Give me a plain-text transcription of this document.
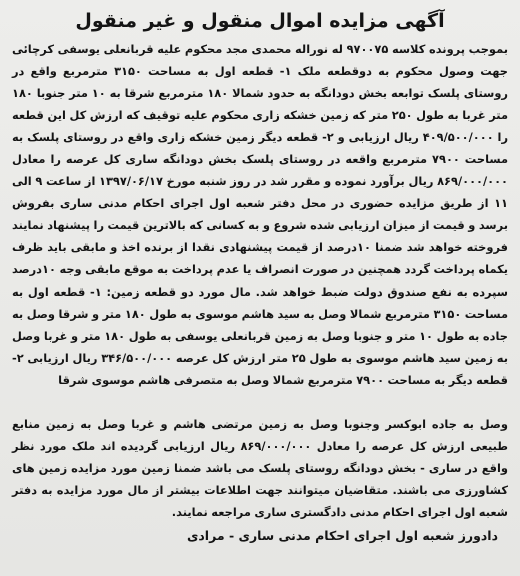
آگهی مزایده اموال منقول و غیر منقول

بموجب پرونده کلاسه ۹۷۰۰۷۵ له نوراله محمدی مجد محکوم علیه قربانعلی یوسفی کرچائی جهت وصول محکوم به دوقطعه ملک ۱- قطعه اول به مساحت ۳۱۵۰ مترمربع واقع در روستای پلسک توابعه بخش دودانگه به حدود شمالا ۱۸۰ مترمربع شرقا به ۱۰ متر جنوبا ۱۸۰ متر غربا به طول ۲۵۰ متر که زمین خشکه زاری محکوم علیه توقیف که ارزش کل این قطعه را ۴۰۹/۵۰۰/۰۰۰ ریال ارزیابی و ۲- قطعه دیگر زمین خشکه زاری واقع در روستای پلسک به مساحت ۷۹۰۰ مترمربع واقعه در روستای پلسک بخش دودانگه ساری کل عرصه را معادل ۸۶۹/۰۰۰/۰۰۰ ریال برآورد نموده و مقرر شد در روز شنبه مورخ ۱۳۹۷/۰۶/۱۷ از ساعت ۹ الی ۱۱ از طریق مزایده حضوری در محل دفتر شعبه اول اجرای احکام مدنی ساری بفروش برسد و قیمت از میزان ارزیابی شده شروع و به کسانی که بالاترین قیمت را پیشنهاد نمایند فروخته خواهد شد ضمنا ۱۰درصد از قیمت پیشنهادی نقدا از برنده اخذ و مابقی باید ظرف یکماه پرداخت گردد همچنین در صورت انصراف یا عدم پرداخت به موقع مابقی وجه ۱۰درصد سپرده به نفع صندوق دولت ضبط خواهد شد. مال مورد دو قطعه زمین: ۱- قطعه اول به مساحت ۳۱۵۰ مترمربع شمالا وصل به سید هاشم موسوی به طول ۱۸۰ متر و شرقا وصل به جاده به طول ۱۰ متر و جنوبا وصل به زمین قربانعلی یوسفی به طول ۱۸۰ متر و غربا وصل به زمین سید هاشم موسوی به طول ۲۵ متر ارزش کل عرصه ۳۴۶/۵۰۰/۰۰۰ ریال ارزیابی ۲- قطعه دیگر به مساحت ۷۹۰۰ مترمربع شمالا وصل به متصرفی هاشم موسوی شرقا

وصل به جاده ابوکسر وجنوبا وصل به زمین مرتضی هاشم و غربا وصل به زمین منابع طبیعی ارزش کل عرصه را معادل ۸۶۹/۰۰۰/۰۰۰ ریال ارزیابی گردیده اند ملک مورد نظر واقع در ساری - بخش دودانگه روستای پلسک می باشد ضمنا زمین مورد مزایده زمین های کشاورزی می باشند. متقاضیان میتوانند جهت اطلاعات بیشتر از مال مورد مزایده به دفتر شعبه اول اجرای احکام مدنی دادگستری ساری مراجعه نمایند.

دادورز شعبه اول اجرای احکام مدنی ساری - مرادی
